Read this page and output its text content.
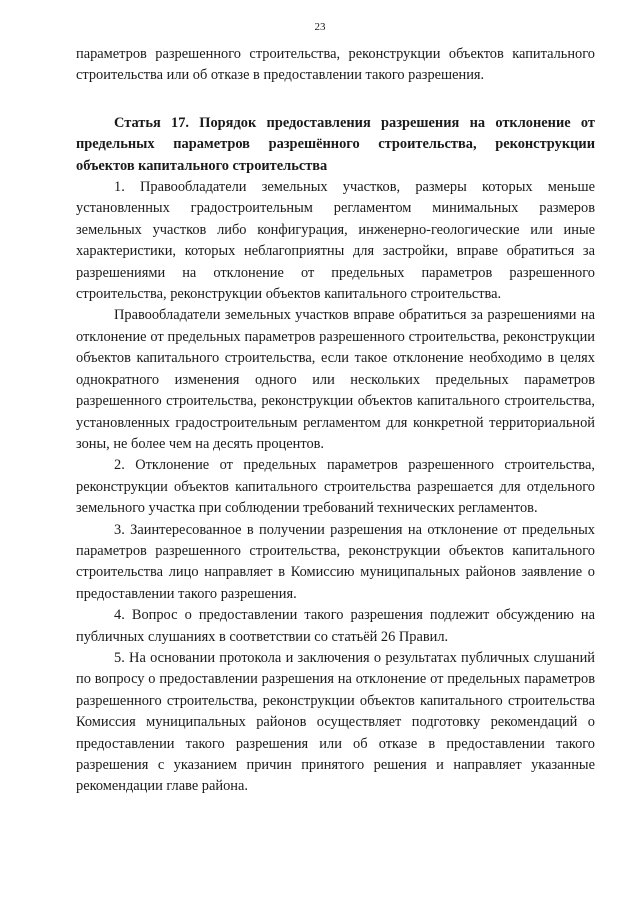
23

параметров разрешенного строительства, реконструкции объектов капитального строительства или об отказе в предоставлении такого разрешения.

Статья 17. Порядок предоставления разрешения на отклонение от предельных параметров разрешённого строительства, реконструкции объектов капитального строительства

1. Правообладатели земельных участков, размеры которых меньше установленных градостроительным регламентом минимальных размеров земельных участков либо конфигурация, инженерно-геологические или иные характеристики, которых неблагоприятны для застройки, вправе обратиться за разрешениями на отклонение от предельных параметров разрешенного строительства, реконструкции объектов капитального строительства.

Правообладатели земельных участков вправе обратиться за разрешениями на отклонение от предельных параметров разрешенного строительства, реконструкции объектов капитального строительства, если такое отклонение необходимо в целях однократного изменения одного или нескольких предельных параметров разрешенного строительства, реконструкции объектов капитального строительства, установленных градостроительным регламентом для конкретной территориальной зоны, не более чем на десять процентов.

2. Отклонение от предельных параметров разрешенного строительства, реконструкции объектов капитального строительства разрешается для отдельного земельного участка при соблюдении требований технических регламентов.

3. Заинтересованное в получении разрешения на отклонение от предельных параметров разрешенного строительства, реконструкции объектов капитального строительства лицо направляет в Комиссию муниципальных районов заявление о предоставлении такого разрешения.

4. Вопрос о предоставлении такого разрешения подлежит обсуждению на публичных слушаниях в соответствии со статьёй 26 Правил.

5. На основании протокола и заключения о результатах публичных слушаний по вопросу о предоставлении разрешения на отклонение от предельных параметров разрешенного строительства, реконструкции объектов капитального строительства Комиссия муниципальных районов осуществляет подготовку рекомендаций о предоставлении такого разрешения или об отказе в предоставлении такого разрешения с указанием причин принятого решения и направляет указанные рекомендации главе района.
